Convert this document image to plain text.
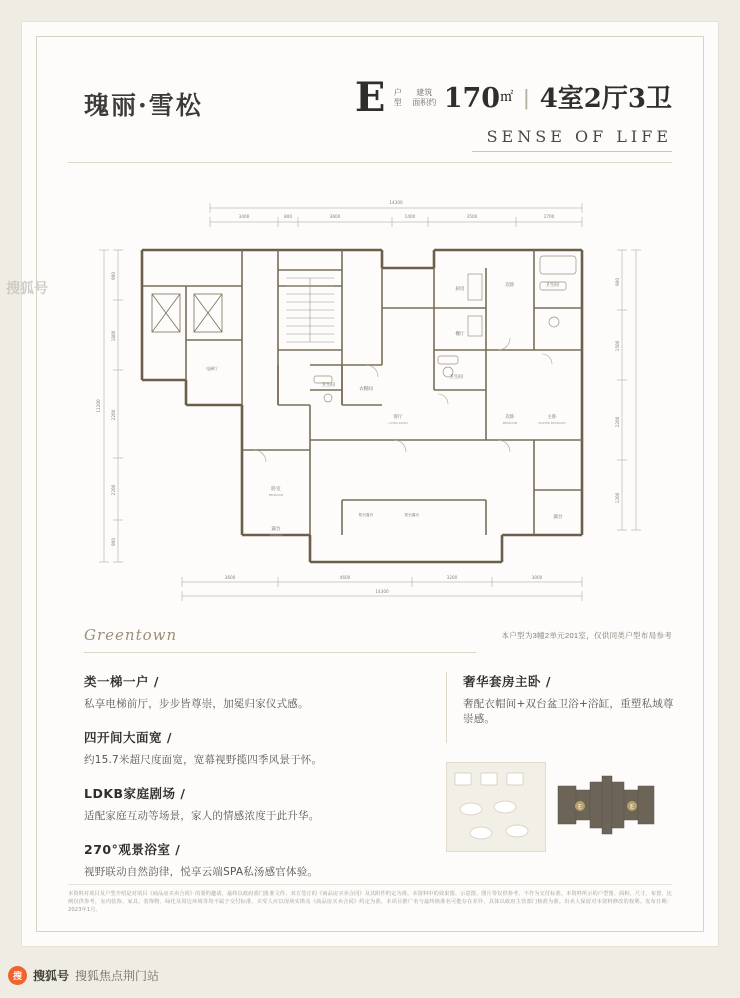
瑰丽·雪松	E 户
型 建筑
面积约 170㎡ | 4室2厅3卫
SENSE OF LIFE
14300
3400	800	3600	1400	3500	2700
11200
900
1800
2200
2200
900
900
1500
2200
1200
3600	4600	3200	3000
14300
厨房
餐厅
客厅
LIVING ROOM
主卧
MASTER BEDROOM
次卧
BEDROOM
卧室
BEDROOM
卫生间
次卧
卫生间
卫生间
衣帽间
阳台露台
阳台露台	露台
露台
TERRACE
电梯厅
本户型为3幢2单元201室，仅供同类户型布局参考
Greentown
类一梯一户 /
私享电梯前厅，步步皆尊崇，加冕归家仪式感。
四开间大面宽 /
约15.7米超尺度面宽，宽幕视野揽四季风景于怀。
LDKB家庭剧场 /
适配家庭互动等场景，家人的情感浓度于此升华。
270°观景浴室 /
视野联动自然韵律，悦享云端SPA私汤感官体验。
奢华套房主卧 /
奢配衣帽间+双台盆卫浴+浴缸，重塑私域尊崇感。
E	E
本资料对项目及户型介绍是对项目《商品房买卖合同》的要约邀请，最终以政府部门批准文件、双方签订的《商品房买卖合同》及其附件约定为准。本资料中的效果图、示意图、图片等仅供参考，不作为交付标准。本资料所示的户型图、面积、尺寸、布置、比例仅供参考，室内装饰、家具、装饰物、绿化及周边环境等均不属于交付标准，买受人应以现场实勘及《商品房买卖合同》约定为准。本项目推广名与最终核准名可能存在差异，具体以政府主管部门核准为准。出卖人保留对本资料修改的权利。发布日期：2023年1月。
搜狐号
搜 搜狐号 搜狐焦点荆门站
